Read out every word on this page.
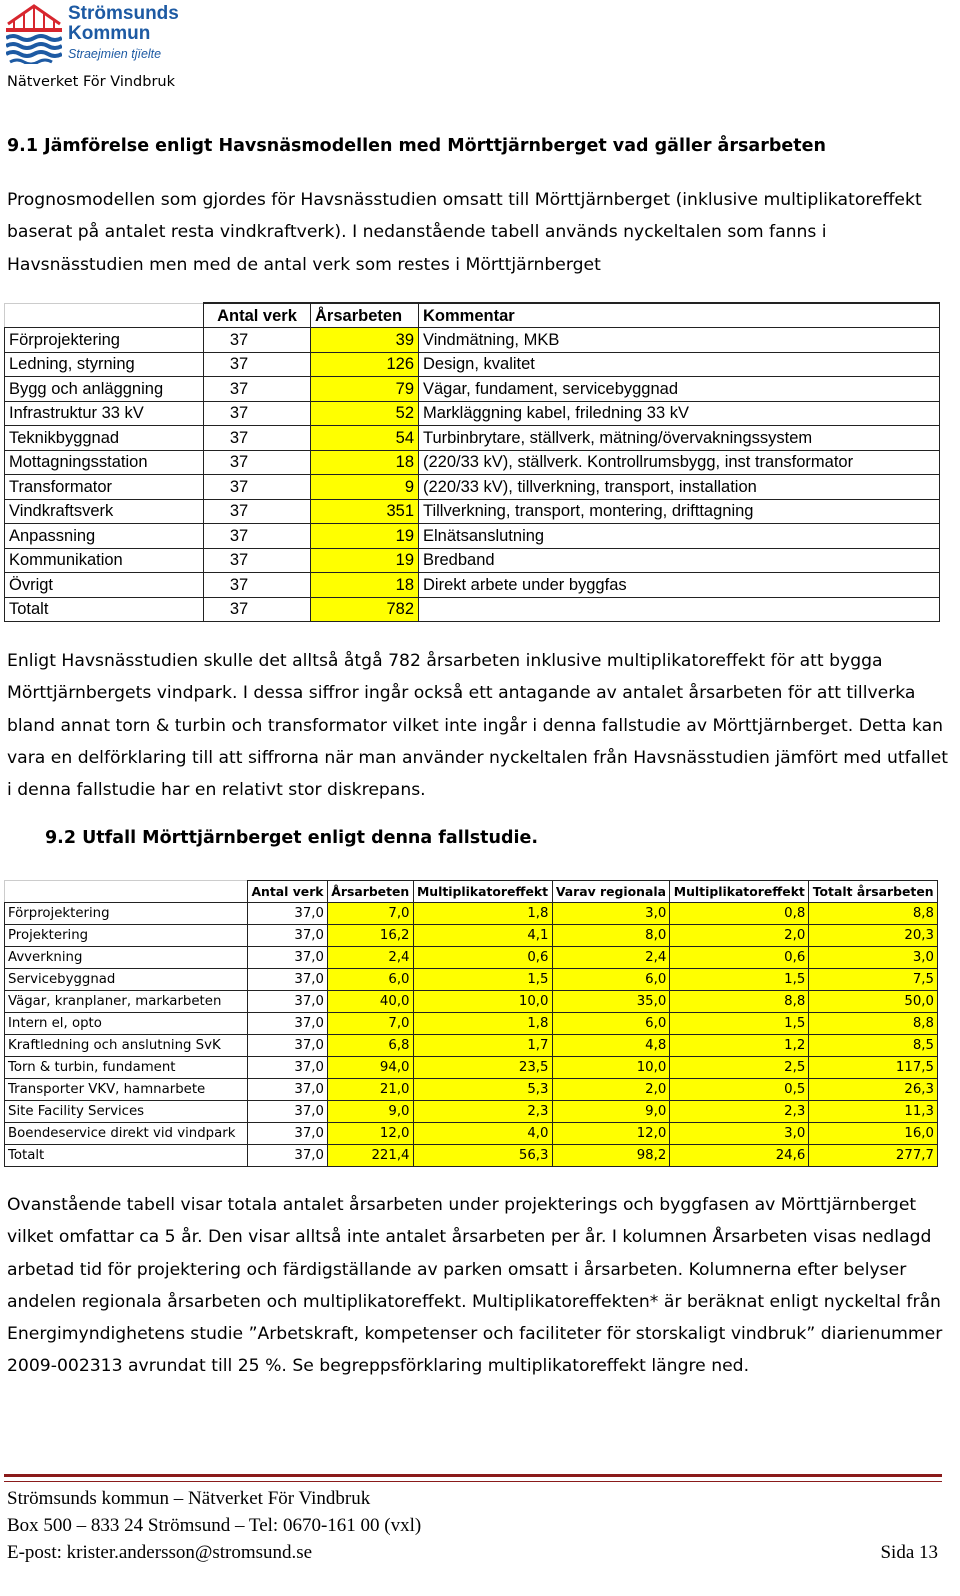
Strömsunds
Kommun
Straejmien tjïelte
Nätverket För Vindbruk
9.1 Jämförelse enligt Havsnäsmodellen med Mörttjärnberget vad gäller årsarbeten
Prognosmodellen som gjordes för Havsnässtudien omsatt till Mörttjärnberget (inklusive multiplikatoreffekt baserat på antalet resta vindkraftverk). I nedanstående tabell används nyckeltalen som fanns i Havsnässtudien men med de antal verk som restes i Mörttjärnberget
	Antal verk	Årsarbeten	Kommentar
Förprojektering	37	39	Vindmätning, MKB
Ledning, styrning	37	126	Design, kvalitet
Bygg och anläggning	37	79	Vägar, fundament, servicebyggnad
Infrastruktur 33 kV	37	52	Markläggning kabel, friledning 33 kV
Teknikbyggnad	37	54	Turbinbrytare, ställverk, mätning/övervakningssystem
Mottagningsstation	37	18	(220/33 kV), ställverk. Kontrollrumsbygg, inst transformator
Transformator	37	9	(220/33 kV), tillverkning, transport, installation
Vindkraftsverk	37	351	Tillverkning, transport, montering, drifttagning
Anpassning	37	19	Elnätsanslutning
Kommunikation	37	19	Bredband
Övrigt	37	18	Direkt arbete under byggfas
Totalt	37	782	
Enligt Havsnässtudien skulle det alltså åtgå 782 årsarbeten inklusive multiplikatoreffekt för att bygga Mörttjärnbergets vindpark. I dessa siffror ingår också ett antagande av antalet årsarbeten för att tillverka bland annat torn & turbin och transformator vilket inte ingår i denna fallstudie av Mörttjärnberget. Detta kan vara en delförklaring till att siffrorna när man använder nyckeltalen från Havsnässtudien jämfört med utfallet i denna fallstudie har en relativt stor diskrepans.
9.2 Utfall Mörttjärnberget enligt denna fallstudie.
	Antal verk	Årsarbeten	Multiplikatoreffekt	Varav regionala	Multiplikatoreffekt	Totalt årsarbeten
Förprojektering	37,0	7,0	1,8	3,0	0,8	8,8
Projektering	37,0	16,2	4,1	8,0	2,0	20,3
Avverkning	37,0	2,4	0,6	2,4	0,6	3,0
Servicebyggnad	37,0	6,0	1,5	6,0	1,5	7,5
Vägar, kranplaner, markarbeten	37,0	40,0	10,0	35,0	8,8	50,0
Intern el, opto	37,0	7,0	1,8	6,0	1,5	8,8
Kraftledning och anslutning SvK	37,0	6,8	1,7	4,8	1,2	8,5
Torn & turbin, fundament	37,0	94,0	23,5	10,0	2,5	117,5
Transporter VKV, hamnarbete	37,0	21,0	5,3	2,0	0,5	26,3
Site Facility Services	37,0	9,0	2,3	9,0	2,3	11,3
Boendeservice direkt vid vindpark	37,0	12,0	4,0	12,0	3,0	16,0
Totalt	37,0	221,4	56,3	98,2	24,6	277,7
Ovanstående tabell visar totala antalet årsarbeten under projekterings och byggfasen av Mörttjärnberget vilket omfattar ca 5 år. Den visar alltså inte antalet årsarbeten per år. I kolumnen Årsarbeten visas nedlagd arbetad tid för projektering och färdigställande av parken omsatt i årsarbeten. Kolumnerna efter belyser andelen regionala årsarbeten och multiplikatoreffekt. Multiplikatoreffekten* är beräknat enligt nyckeltal från Energimyndighetens studie ”Arbetskraft, kompetenser och faciliteter för storskaligt vindbruk” diarienummer 2009-002313 avrundat till 25 %. Se begreppsförklaring multiplikatoreffekt längre ned.
Strömsunds kommun – Nätverket För Vindbruk
Box 500 – 833 24 Strömsund – Tel: 0670-161 00 (vxl)
E-post: krister.andersson@stromsund.se	Sida 13
